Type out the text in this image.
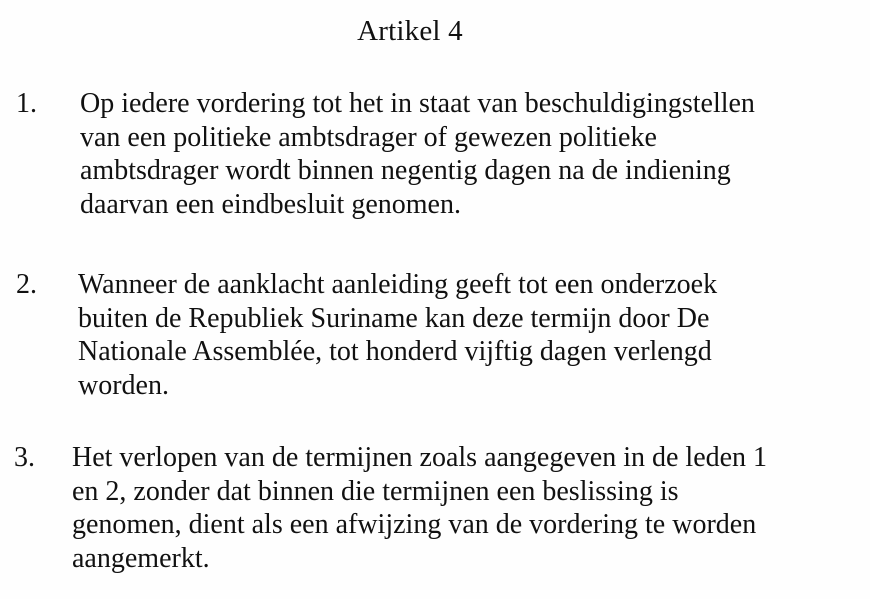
Artikel 4
1. Op iedere vordering tot het in staat van beschuldigingstellen
van een politieke ambtsdrager of gewezen politieke
ambtsdrager wordt binnen negentig dagen na de indiening
daarvan een eindbesluit genomen.
2. Wanneer de aanklacht aanleiding geeft tot een onderzoek
buiten de Republiek Suriname kan deze termijn door De
Nationale Assemblée, tot honderd vijftig dagen verlengd
worden.
3. Het verlopen van de termijnen zoals aangegeven in de leden 1
en 2, zonder dat binnen die termijnen een beslissing is
genomen, dient als een afwijzing van de vordering te worden
aangemerkt.
